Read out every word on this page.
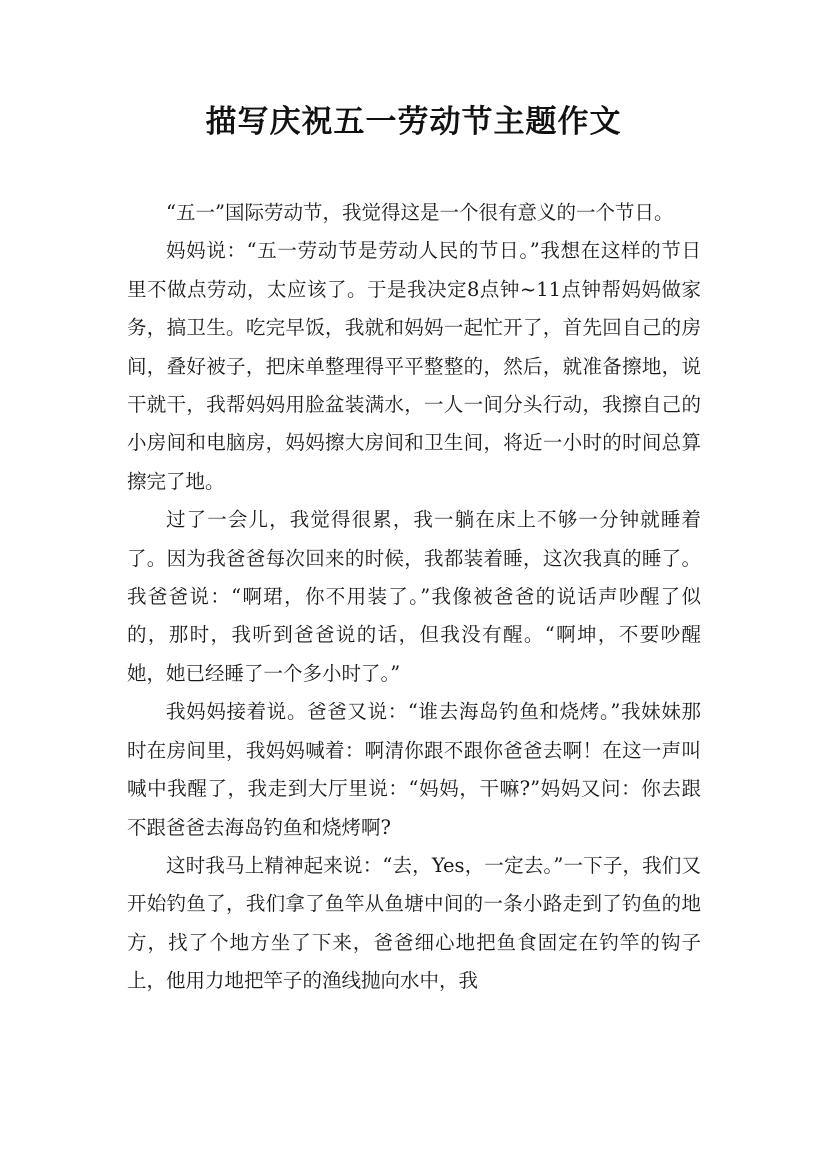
描写庆祝五一劳动节主题作文

“五一”国际劳动节，我觉得这是一个很有意义的一个节日。

妈妈说：“五一劳动节是劳动人民的节日。”我想在这样的节日里不做点劳动，太应该了。于是我决定8点钟~11点钟帮妈妈做家务，搞卫生。吃完早饭，我就和妈妈一起忙开了，首先回自己的房间，叠好被子，把床单整理得平平整整的，然后，就准备擦地，说干就干，我帮妈妈用脸盆装满水，一人一间分头行动，我擦自己的小房间和电脑房，妈妈擦大房间和卫生间，将近一小时的时间总算擦完了地。

过了一会儿，我觉得很累，我一躺在床上不够一分钟就睡着了。因为我爸爸每次回来的时候，我都装着睡，这次我真的睡了。我爸爸说：“啊珺，你不用装了。”我像被爸爸的说话声吵醒了似的，那时，我听到爸爸说的话，但我没有醒。“啊坤，不要吵醒她，她已经睡了一个多小时了。”

我妈妈接着说。爸爸又说：“谁去海岛钓鱼和烧烤。”我妹妹那时在房间里，我妈妈喊着：啊清你跟不跟你爸爸去啊！在这一声叫喊中我醒了，我走到大厅里说：“妈妈，干嘛?”妈妈又问：你去跟不跟爸爸去海岛钓鱼和烧烤啊?

这时我马上精神起来说：“去，Yes，一定去。”一下子，我们又开始钓鱼了，我们拿了鱼竿从鱼塘中间的一条小路走到了钓鱼的地方，找了个地方坐了下来，爸爸细心地把鱼食固定在钓竿的钩子上，他用力地把竿子的渔线抛向水中，我
